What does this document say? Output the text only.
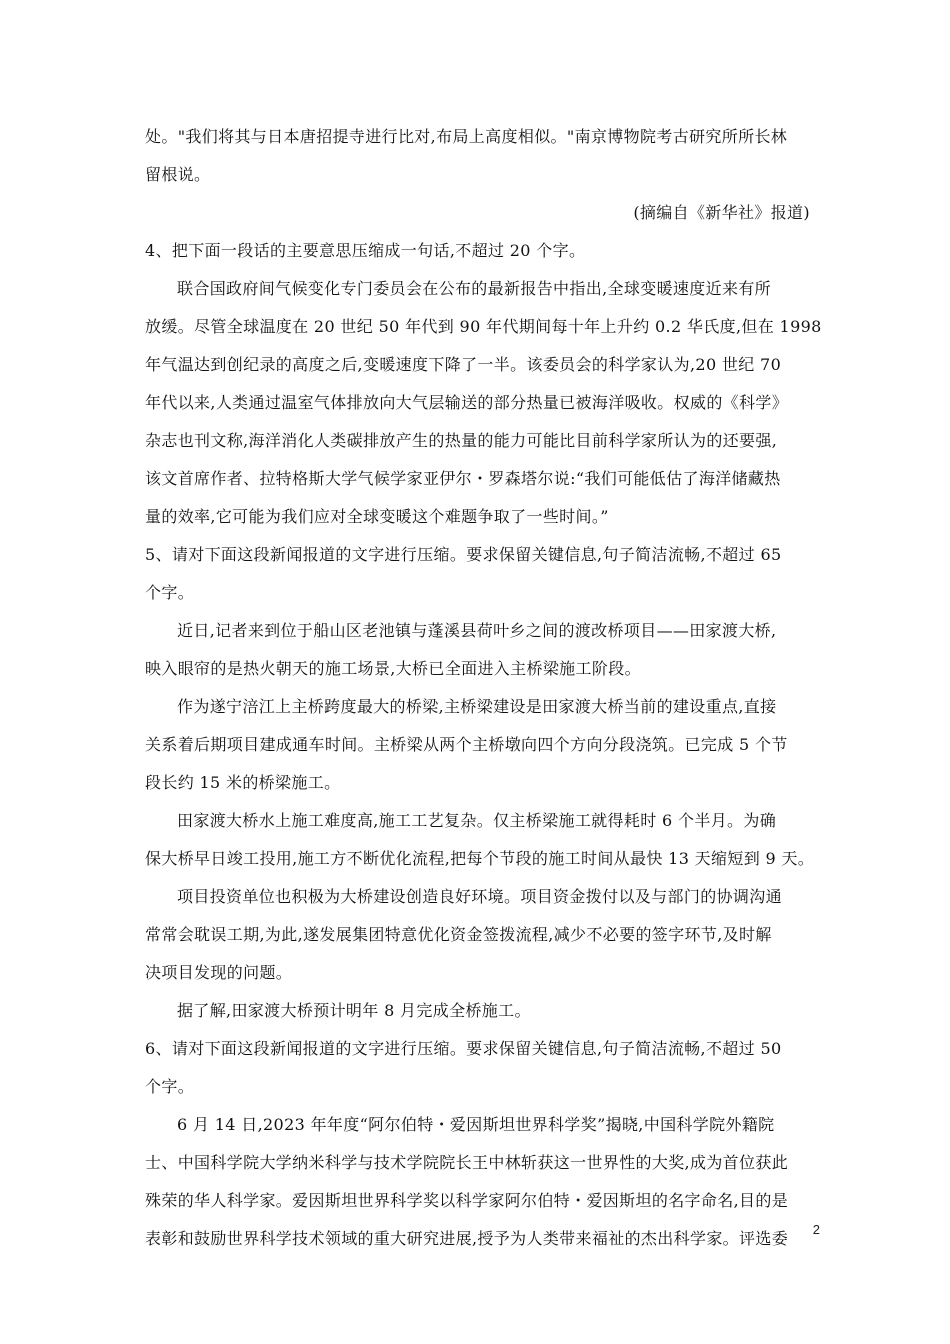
处。"我们将其与日本唐招提寺进行比对,布局上高度相似。"南京博物院考古研究所所长林
留根说。
(摘编自《新华社》报道)
4、把下面一段话的主要意思压缩成一句话,不超过 20 个字。
联合国政府间气候变化专门委员会在公布的最新报告中指出,全球变暖速度近来有所
放缓。尽管全球温度在 20 世纪 50 年代到 90 年代期间每十年上升约 0.2 华氏度,但在 1998
年气温达到创纪录的高度之后,变暖速度下降了一半。该委员会的科学家认为,20 世纪 70
年代以来,人类通过温室气体排放向大气层输送的部分热量已被海洋吸收。权威的《科学》
杂志也刊文称,海洋消化人类碳排放产生的热量的能力可能比目前科学家所认为的还要强,
该文首席作者、拉特格斯大学气候学家亚伊尔・罗森塔尔说:“我们可能低估了海洋储藏热
量的效率,它可能为我们应对全球变暖这个难题争取了一些时间。”
5、请对下面这段新闻报道的文字进行压缩。要求保留关键信息,句子简洁流畅,不超过 65
个字。
近日,记者来到位于船山区老池镇与蓬溪县荷叶乡之间的渡改桥项目——田家渡大桥,
映入眼帘的是热火朝天的施工场景,大桥已全面进入主桥梁施工阶段。
作为遂宁涪江上主桥跨度最大的桥梁,主桥梁建设是田家渡大桥当前的建设重点,直接
关系着后期项目建成通车时间。主桥梁从两个主桥墩向四个方向分段浇筑。已完成 5 个节
段长约 15 米的桥梁施工。
田家渡大桥水上施工难度高,施工工艺复杂。仅主桥梁施工就得耗时 6 个半月。为确
保大桥早日竣工投用,施工方不断优化流程,把每个节段的施工时间从最快 13 天缩短到 9 天。
项目投资单位也积极为大桥建设创造良好环境。项目资金拨付以及与部门的协调沟通
常常会耽误工期,为此,遂发展集团特意优化资金签拨流程,减少不必要的签字环节,及时解
决项目发现的问题。
据了解,田家渡大桥预计明年 8 月完成全桥施工。
6、请对下面这段新闻报道的文字进行压缩。要求保留关键信息,句子简洁流畅,不超过 50
个字。
6 月 14 日,2023 年年度“阿尔伯特・爱因斯坦世界科学奖”揭晓,中国科学院外籍院
士、中国科学院大学纳米科学与技术学院院长王中林斩获这一世界性的大奖,成为首位获此
殊荣的华人科学家。爱因斯坦世界科学奖以科学家阿尔伯特・爱因斯坦的名字命名,目的是
表彰和鼓励世界科学技术领域的重大研究进展,授予为人类带来福祉的杰出科学家。评选委	2
